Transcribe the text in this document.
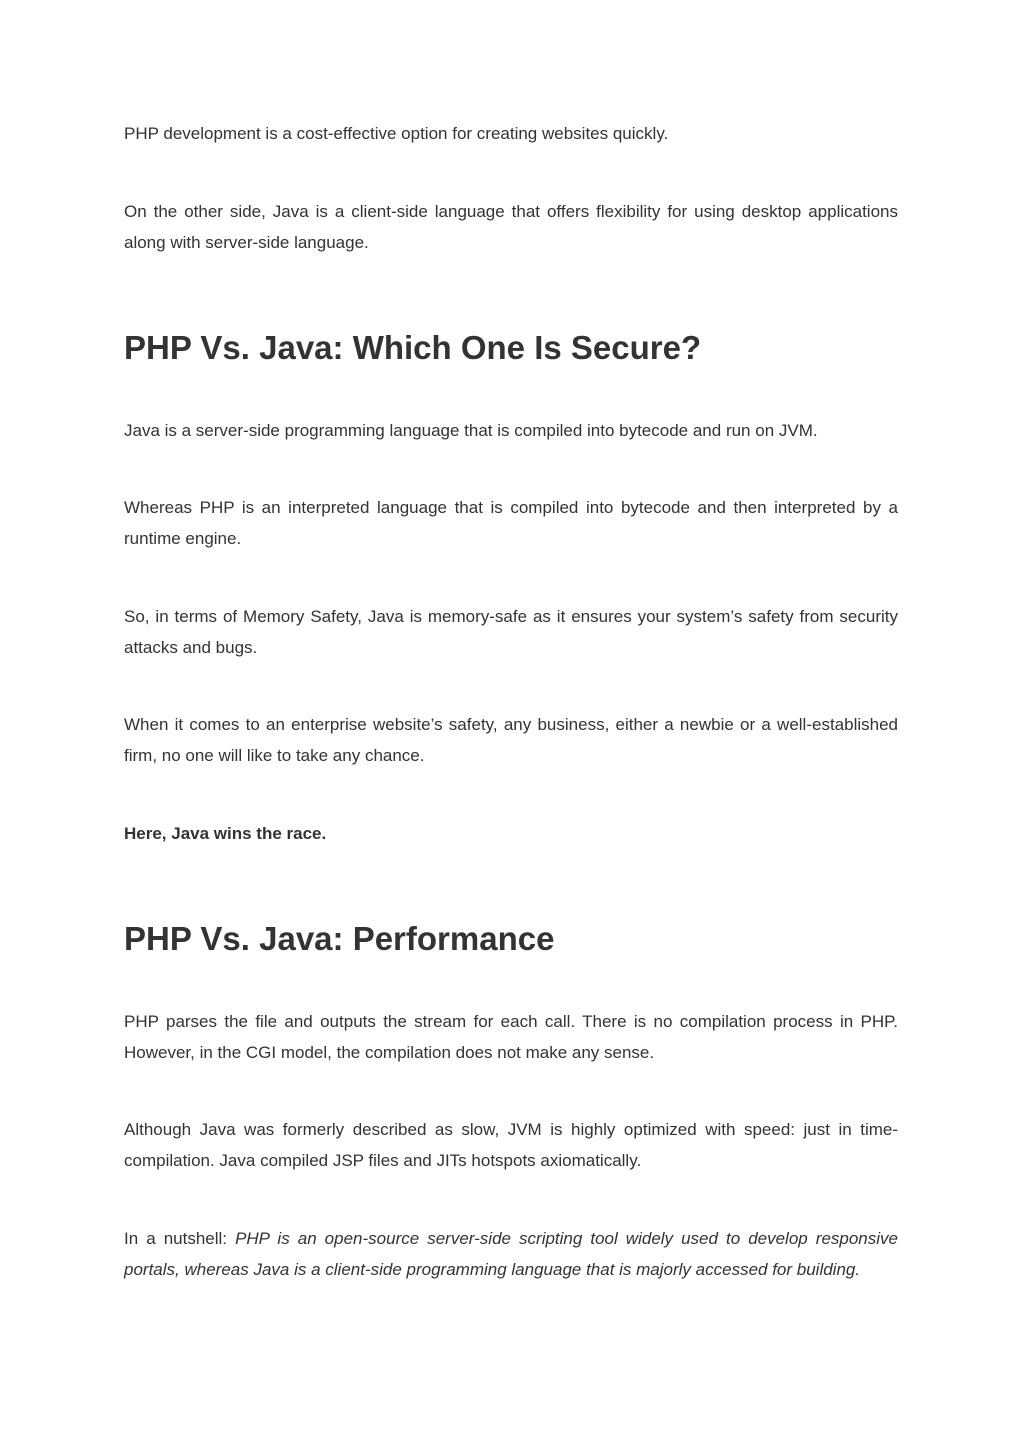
PHP development is a cost-effective option for creating websites quickly.

On the other side, Java is a client-side language that offers flexibility for using desktop applications along with server-side language.

PHP Vs. Java: Which One Is Secure?

Java is a server-side programming language that is compiled into bytecode and run on JVM.

Whereas PHP is an interpreted language that is compiled into bytecode and then interpreted by a runtime engine.

So, in terms of Memory Safety, Java is memory-safe as it ensures your system’s safety from security attacks and bugs.

When it comes to an enterprise website’s safety, any business, either a newbie or a well-established firm, no one will like to take any chance.

Here, Java wins the race.

PHP Vs. Java: Performance

PHP parses the file and outputs the stream for each call. There is no compilation process in PHP. However, in the CGI model, the compilation does not make any sense.

Although Java was formerly described as slow, JVM is highly optimized with speed: just in time-compilation. Java compiled JSP files and JITs hotspots axiomatically.

In a nutshell: PHP is an open-source server-side scripting tool widely used to develop responsive portals, whereas Java is a client-side programming language that is majorly accessed for building.
